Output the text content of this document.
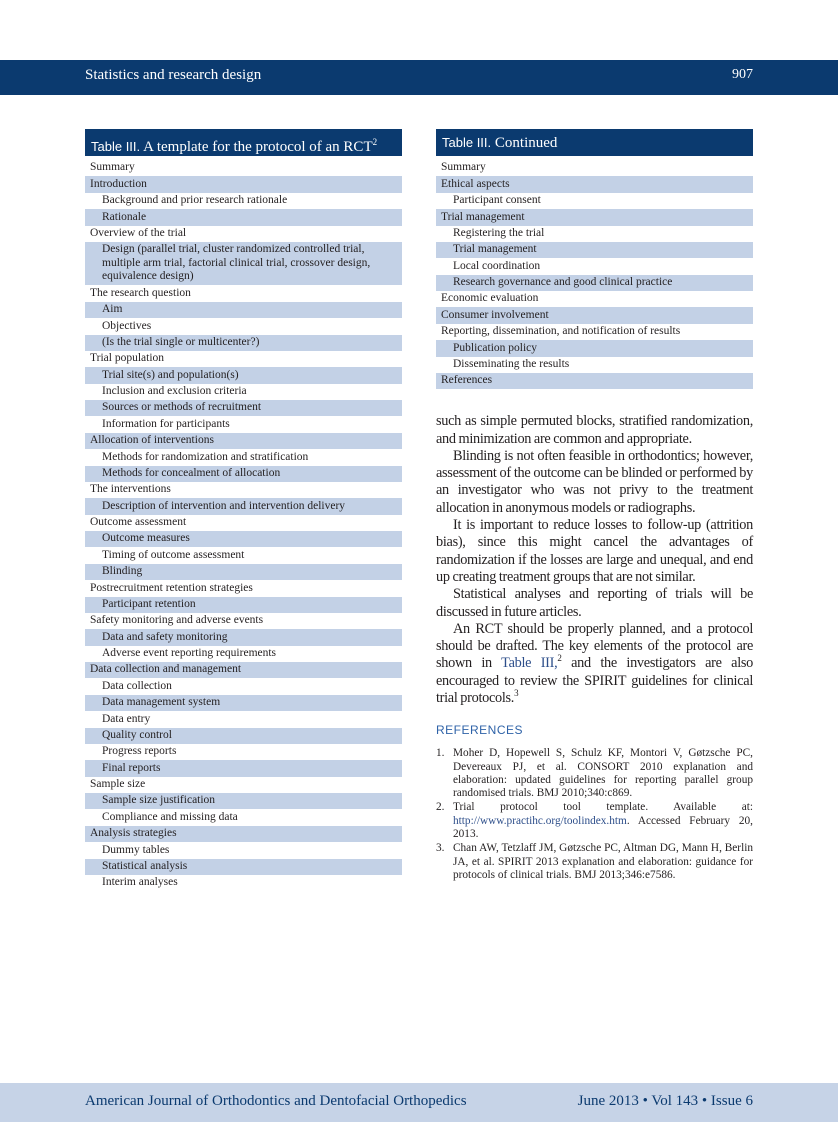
Statistics and research design	907
Table III. A template for the protocol of an RCT$^2$
Summary
Introduction
Background and prior research rationale
Rationale
Overview of the trial
Design (parallel trial, cluster randomized controlled trial, multiple arm trial, factorial clinical trial, crossover design, equivalence design)
The research question
Aim
Objectives
(Is the trial single or multicenter?)
Trial population
Trial site(s) and population(s)
Inclusion and exclusion criteria
Sources or methods of recruitment
Information for participants
Allocation of interventions
Methods for randomization and stratification
Methods for concealment of allocation
The interventions
Description of intervention and intervention delivery
Outcome assessment
Outcome measures
Timing of outcome assessment
Blinding
Postrecruitment retention strategies
Participant retention
Safety monitoring and adverse events
Data and safety monitoring
Adverse event reporting requirements
Data collection and management
Data collection
Data management system
Data entry
Quality control
Progress reports
Final reports
Sample size
Sample size justification
Compliance and missing data
Analysis strategies
Dummy tables
Statistical analysis
Interim analyses
Table III. Continued
Summary
Ethical aspects
Participant consent
Trial management
Registering the trial
Trial management
Local coordination
Research governance and good clinical practice
Economic evaluation
Consumer involvement
Reporting, dissemination, and notification of results
Publication policy
Disseminating the results
References

such as simple permuted blocks, stratified randomization, and minimization are common and appropriate.

Blinding is not often feasible in orthodontics; however, assessment of the outcome can be blinded or performed by an investigator who was not privy to the treatment allocation in anonymous models or radiographs.

It is important to reduce losses to follow-up (attrition bias), since this might cancel the advantages of randomization if the losses are large and unequal, and end up creating treatment groups that are not similar.

Statistical analyses and reporting of trials will be discussed in future articles.

An RCT should be properly planned, and a protocol should be drafted. The key elements of the protocol are shown in Table III,$^2$ and the investigators are also encouraged to review the SPIRIT guidelines for clinical trial protocols.$^3$

REFERENCES
1. Moher D, Hopewell S, Schulz KF, Montori V, Gøtzsche PC, Devereaux PJ, et al. CONSORT 2010 explanation and elaboration: updated guidelines for reporting parallel group randomised trials. BMJ 2010;340:c869.
2. Trial protocol tool template. Available at: http://www.practihc.org/toolindex.htm. Accessed February 20, 2013.
3. Chan AW, Tetzlaff JM, Gøtzsche PC, Altman DG, Mann H, Berlin JA, et al. SPIRIT 2013 explanation and elaboration: guidance for protocols of clinical trials. BMJ 2013;346:e7586.
American Journal of Orthodontics and Dentofacial Orthopedics	June 2013 • Vol 143 • Issue 6
